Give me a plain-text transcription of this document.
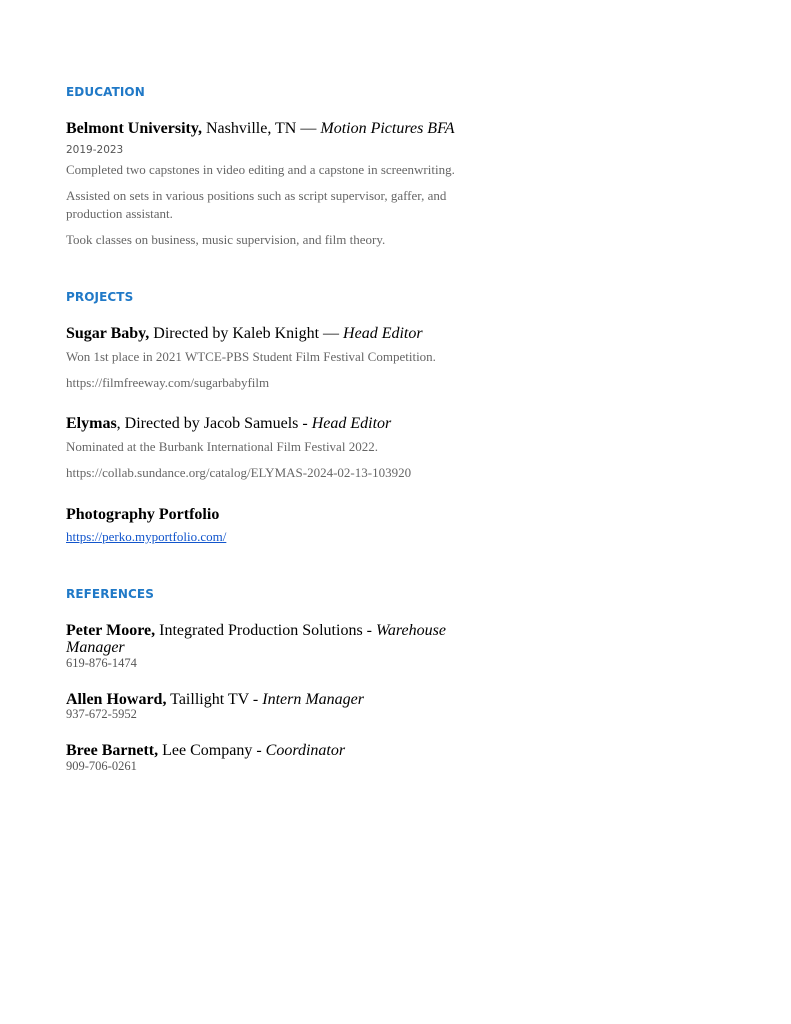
EDUCATION
Belmont University, Nashville, TN — Motion Pictures BFA
2019-2023
Completed two capstones in video editing and a capstone in screenwriting.
Assisted on sets in various positions such as script supervisor, gaffer, and production assistant.
Took classes on business, music supervision, and film theory.
PROJECTS
Sugar Baby, Directed by Kaleb Knight — Head Editor
Won 1st place in 2021 WTCE-PBS Student Film Festival Competition.
https://filmfreeway.com/sugarbabyfilm
Elymas, Directed by Jacob Samuels - Head Editor
Nominated at the Burbank International Film Festival 2022.
https://collab.sundance.org/catalog/ELYMAS-2024-02-13-103920
Photography Portfolio
https://perko.myportfolio.com/
REFERENCES
Peter Moore, Integrated Production Solutions - Warehouse Manager
619-876-1474
Allen Howard, Taillight TV - Intern Manager
937-672-5952
Bree Barnett, Lee Company - Coordinator
909-706-0261
